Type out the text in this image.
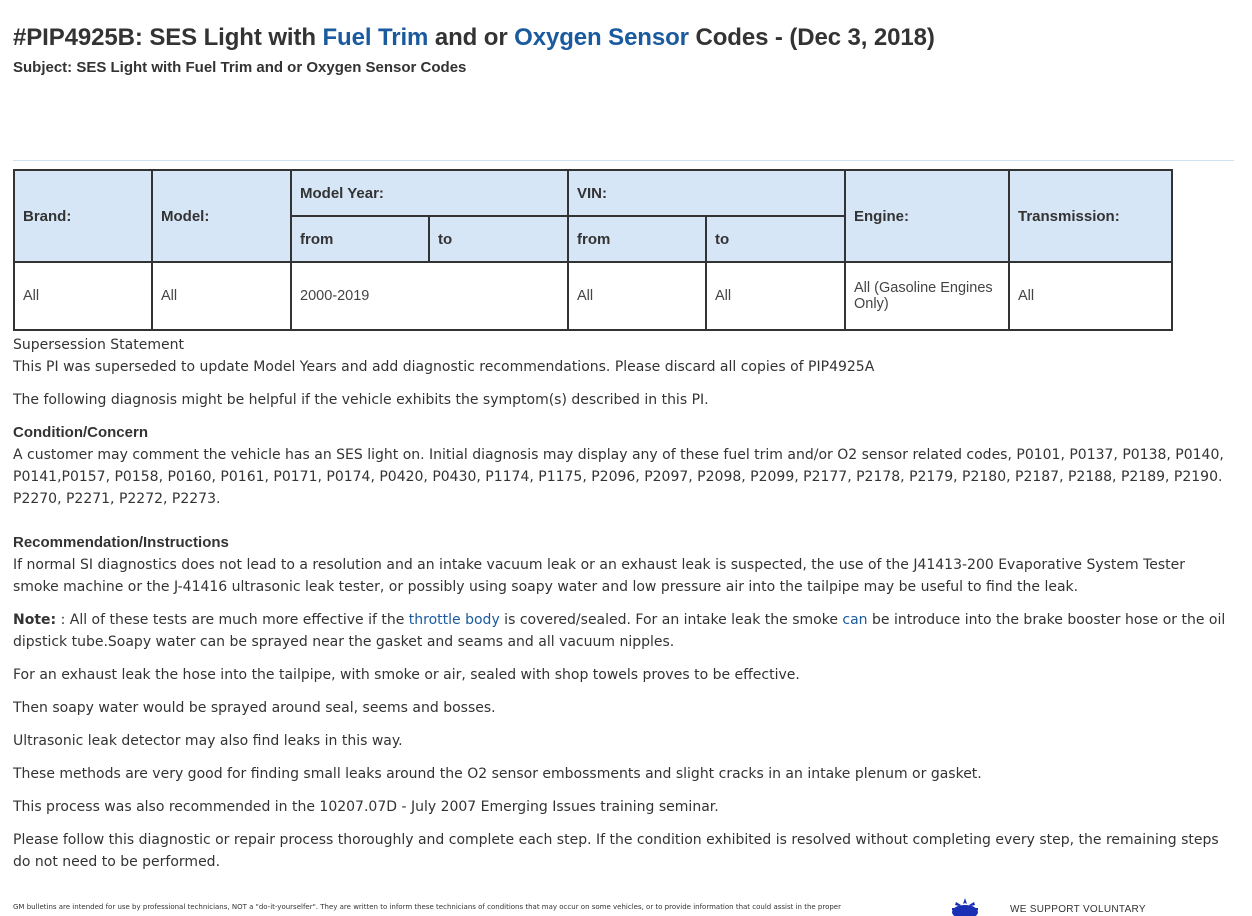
#PIP4925B: SES Light with Fuel Trim and or Oxygen Sensor Codes - (Dec 3, 2018)

Subject: SES Light with Fuel Trim and or Oxygen Sensor Codes

Brand:	Model:	Model Year:		VIN:		Engine:	Transmission:
		from	to	from	to		
All	All	2000-2019		All	All	All (Gasoline Engines Only)	All

Supersession Statement

This PI was superseded to update Model Years and add diagnostic recommendations. Please discard all copies of PIP4925A

The following diagnosis might be helpful if the vehicle exhibits the symptom(s) described in this PI.

Condition/Concern

A customer may comment the vehicle has an SES light on. Initial diagnosis may display any of these fuel trim and/or O2 sensor related codes, P0101, P0137, P0138, P0140, P0141,P0157, P0158, P0160, P0161, P0171, P0174, P0420, P0430, P1174, P1175, P2096, P2097, P2098, P2099, P2177, P2178, P2179, P2180, P2187, P2188, P2189, P2190. P2270, P2271, P2272, P2273.

Recommendation/Instructions

If normal SI diagnostics does not lead to a resolution and an intake vacuum leak or an exhaust leak is suspected, the use of the J41413-200 Evaporative System Tester smoke machine or the J-41416 ultrasonic leak tester, or possibly using soapy water and low pressure air into the tailpipe may be useful to find the leak.

Note: : All of these tests are much more effective if the throttle body is covered/sealed. For an intake leak the smoke can be introduce into the brake booster hose or the oil dipstick tube.Soapy water can be sprayed near the gasket and seams and all vacuum nipples.

For an exhaust leak the hose into the tailpipe, with smoke or air, sealed with shop towels proves to be effective.

Then soapy water would be sprayed around seal, seems and bosses.

Ultrasonic leak detector may also find leaks in this way.

These methods are very good for finding small leaks around the O2 sensor embossments and slight cracks in an intake plenum or gasket.

This process was also recommended in the 10207.07D - July 2007 Emerging Issues training seminar.

Please follow this diagnostic or repair process thoroughly and complete each step. If the condition exhibited is resolved without completing every step, the remaining steps do not need to be performed.

GM bulletins are intended for use by professional technicians, NOT a "do-it-yourselfer". They are written to inform these technicians of conditions that may occur on some vehicles, or to provide information that could assist in the proper	WE SUPPORT VOLUNTARY
